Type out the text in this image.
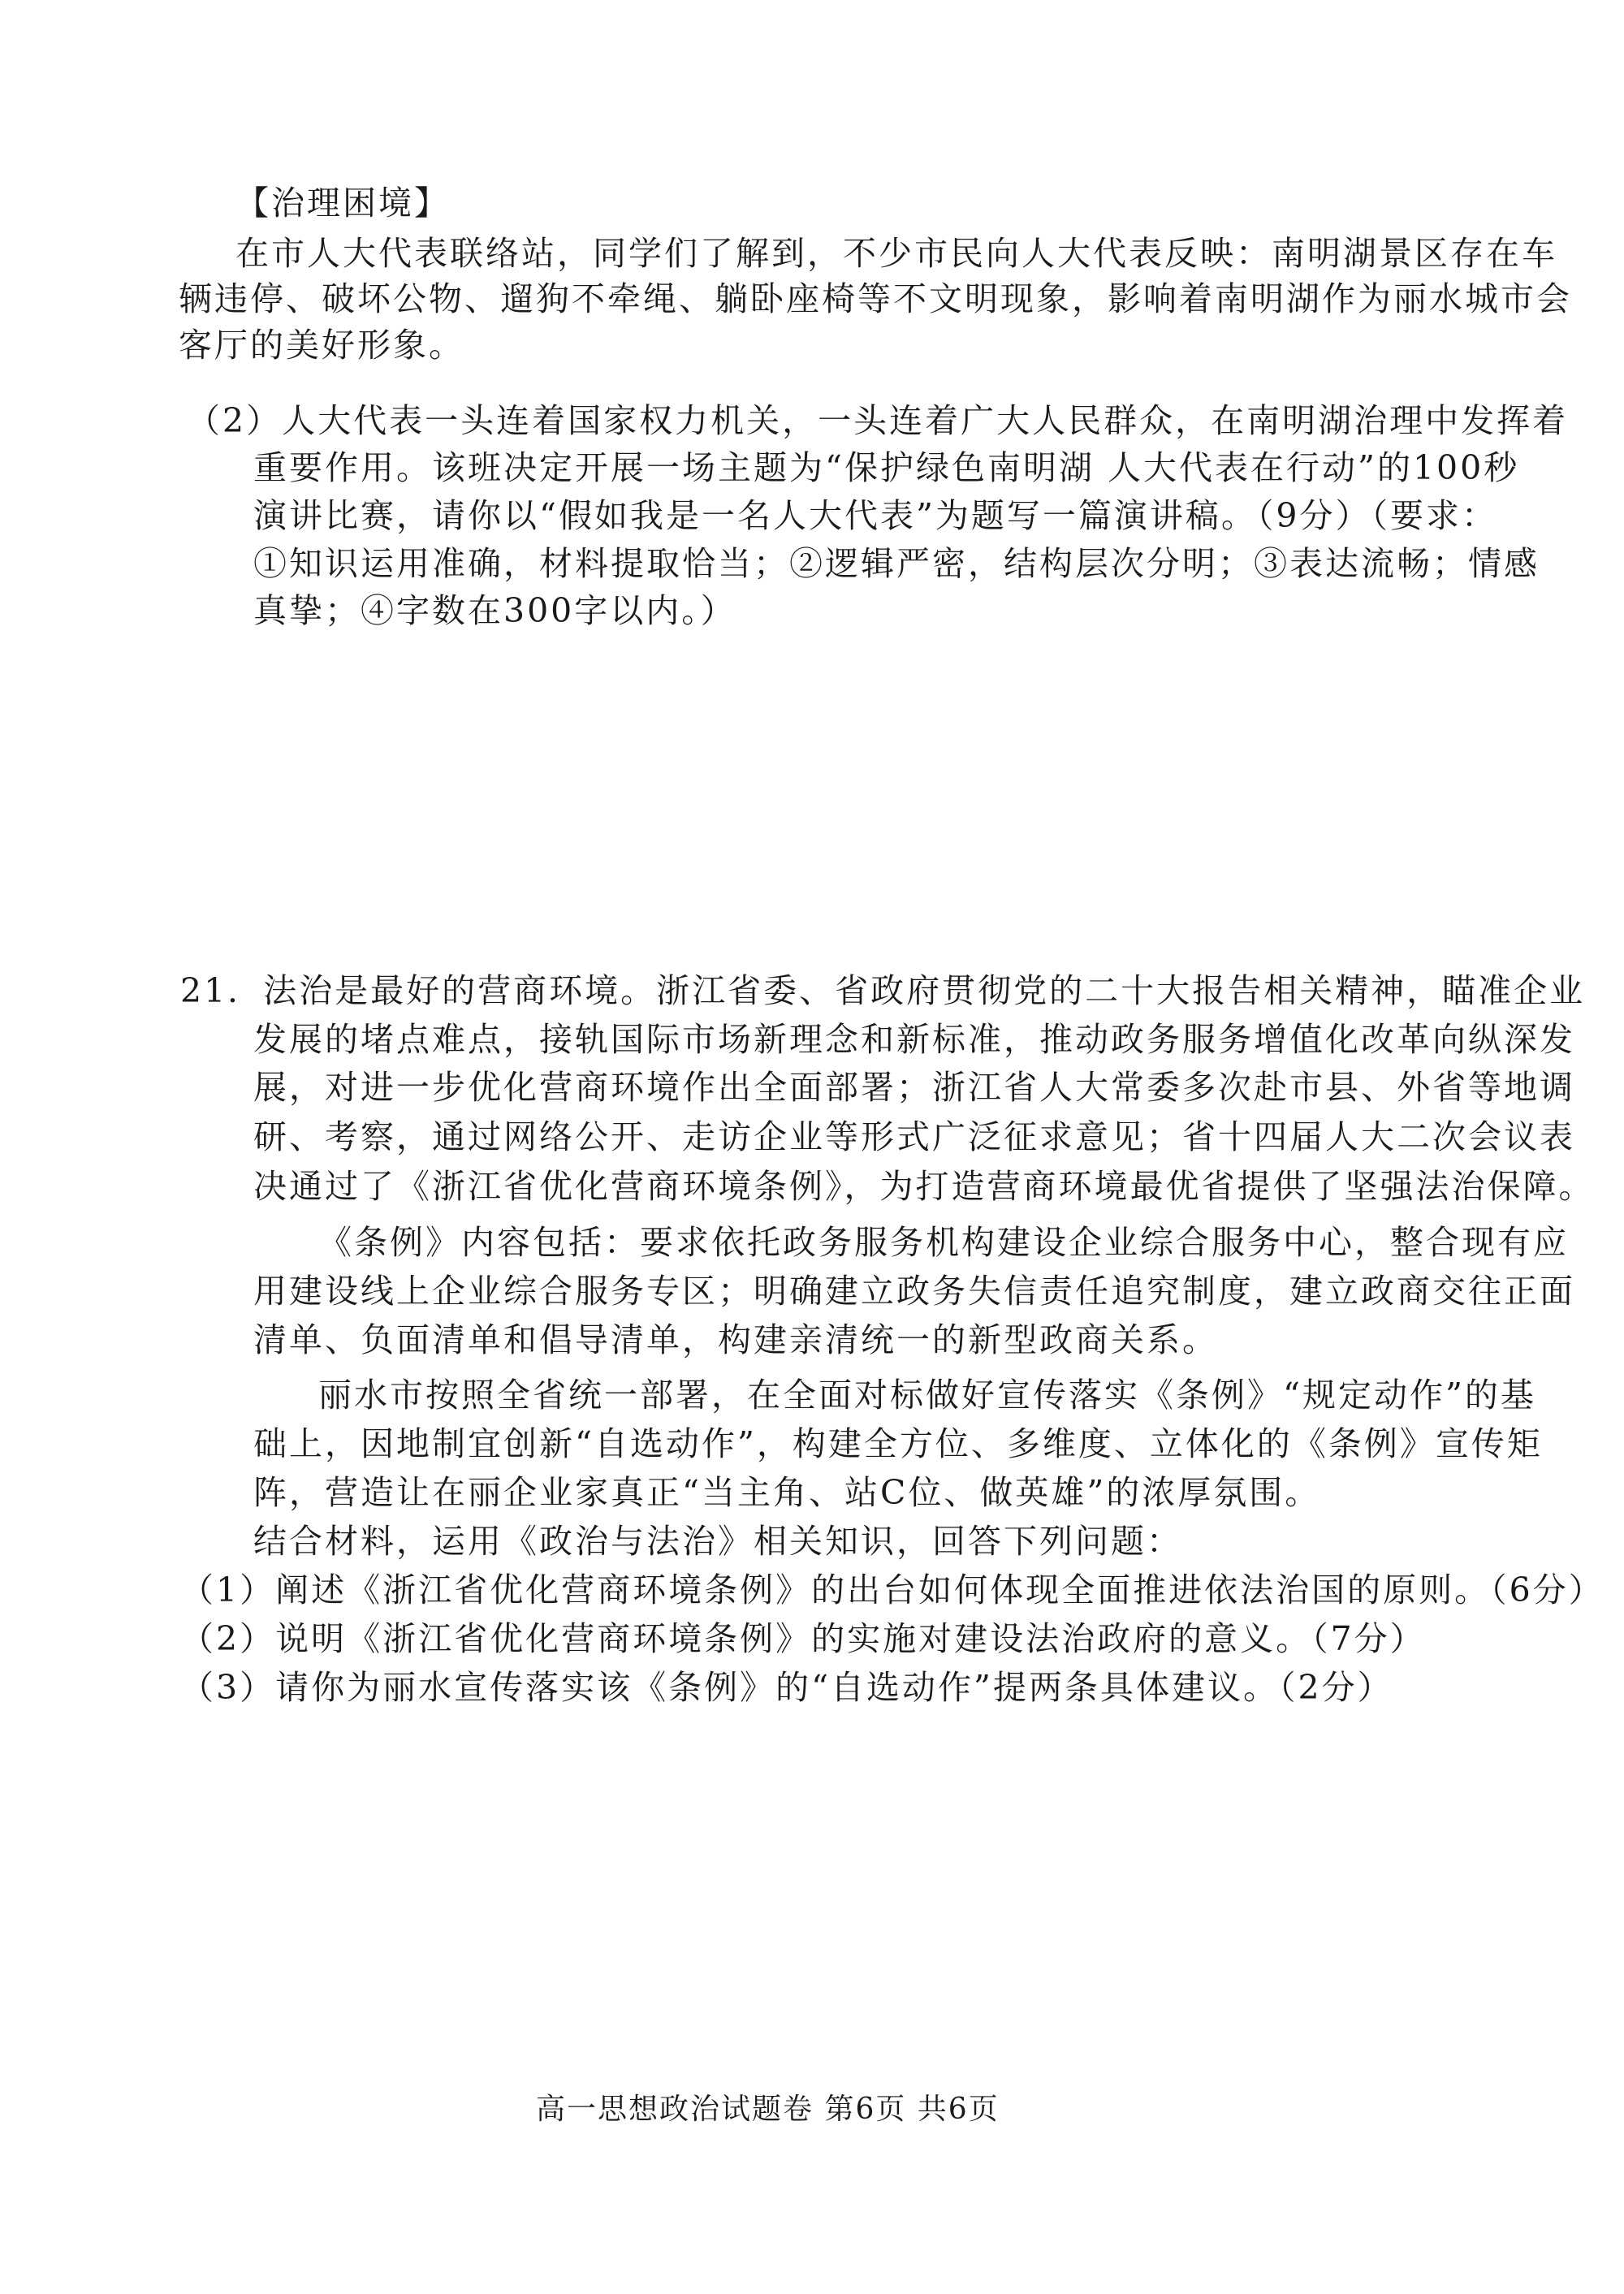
【治理困境】
在市人大代表联络站，同学们了解到，不少市民向人大代表反映：南明湖景区存在车
辆违停、破坏公物、遛狗不牵绳、躺卧座椅等不文明现象，影响着南明湖作为丽水城市会
客厅的美好形象。
（2）人大代表一头连着国家权力机关，一头连着广大人民群众，在南明湖治理中发挥着
重要作用。该班决定开展一场主题为“保护绿色南明湖 人大代表在行动”的100秒
演讲比赛，请你以“假如我是一名人大代表”为题写一篇演讲稿。（9分）（要求：
①知识运用准确，材料提取恰当；②逻辑严密，结构层次分明；③表达流畅；情感
真挚；④字数在300字以内。）
21．法治是最好的营商环境。浙江省委、省政府贯彻党的二十大报告相关精神，瞄准企业
发展的堵点难点，接轨国际市场新理念和新标准，推动政务服务增值化改革向纵深发
展，对进一步优化营商环境作出全面部署；浙江省人大常委多次赴市县、外省等地调
研、考察，通过网络公开、走访企业等形式广泛征求意见；省十四届人大二次会议表
决通过了《浙江省优化营商环境条例》，为打造营商环境最优省提供了坚强法治保障。
《条例》内容包括：要求依托政务服务机构建设企业综合服务中心，整合现有应
用建设线上企业综合服务专区；明确建立政务失信责任追究制度，建立政商交往正面
清单、负面清单和倡导清单，构建亲清统一的新型政商关系。
丽水市按照全省统一部署，在全面对标做好宣传落实《条例》“规定动作”的基
础上，因地制宜创新“自选动作”，构建全方位、多维度、立体化的《条例》宣传矩
阵，营造让在丽企业家真正“当主角、站C位、做英雄”的浓厚氛围。
结合材料，运用《政治与法治》相关知识，回答下列问题：
（1）阐述《浙江省优化营商环境条例》的出台如何体现全面推进依法治国的原则。（6分）
（2）说明《浙江省优化营商环境条例》的实施对建设法治政府的意义。（7分）
（3）请你为丽水宣传落实该《条例》的“自选动作”提两条具体建议。（2分）
高一思想政治试题卷 第6页 共6页
